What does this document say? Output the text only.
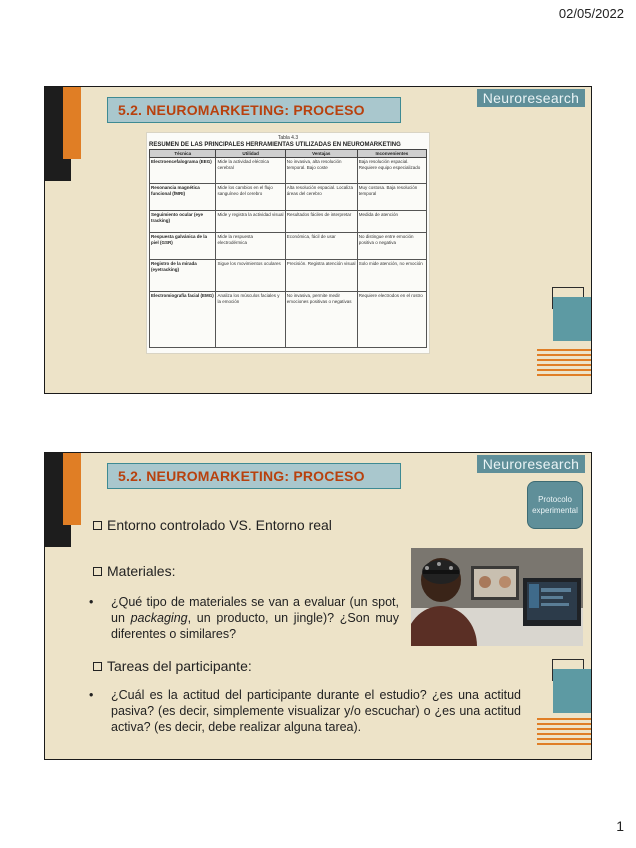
02/05/2022
5.2. NEUROMARKETING: PROCESO
Neuroresearch
Tabla 4.3
RESUMEN DE LAS PRINCIPALES HERRAMIENTAS UTILIZADAS EN NEUROMARKETING
Técnica	Utilidad	Ventajas	Inconvenientes
Electroencefalograma (EEG)	Mide la actividad eléctrica cerebral	No invasiva, alta resolución temporal. Bajo coste	Baja resolución espacial. Requiere equipo especializado
Resonancia magnética funcional (fMRI)	Mide los cambios en el flujo sanguíneo del cerebro	Alta resolución espacial. Localiza áreas del cerebro	Muy costosa. Baja resolución temporal
Seguimiento ocular (eye tracking)	Mide y registra la actividad visual	Resultados fáciles de interpretar	Medida de atención
Respuesta galvánica de la piel (GSR)	Mide la respuesta electrodérmica	Económica, fácil de usar	No distingue entre emoción positiva o negativa
Registro de la mirada (eyetracking)	Sigue los movimientos oculares	Precisión. Registra atención visual	Solo mide atención, no emoción
Electromiografía facial (EMG)	Analiza los músculos faciales y la emoción	No invasiva, permite medir emociones positivas o negativas	Requiere electrodos en el rostro
5.2. NEUROMARKETING: PROCESO
Neuroresearch
Protocolo experimental
Entorno controlado VS. Entorno real
Materiales:
•	¿Qué tipo de materiales se van a evaluar (un spot, un packaging, un producto, un jingle)? ¿Son muy diferentes o similares?
Tareas del participante:
•	¿Cuál es la actitud del participante durante el estudio? ¿es una actitud pasiva? (es decir, simplemente visualizar y/o escuchar) o ¿es una actitud activa? (es decir, debe realizar alguna tarea).
1
